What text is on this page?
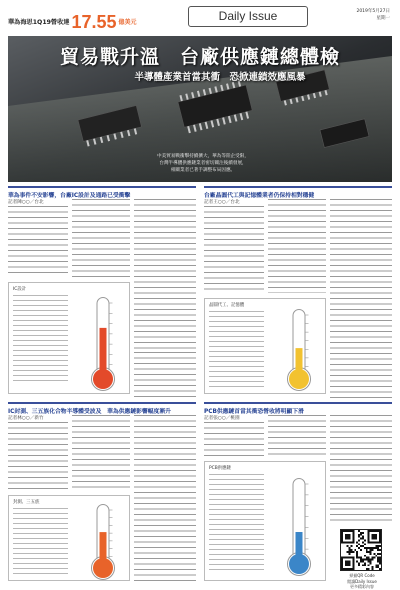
華為海思1Q19營收達 17.55 億美元	Daily Issue	2019年5月27日
星期一
貿易戰升溫　台廠供應鏈總體檢
半導體產業首當其衝　恐掀連鎖效應風暴
中美貿易戰衝擊持續擴大，華為等陸企受限，
台灣半導體供應鏈業者密切關注後續發展，
相關業者已著手調整布局因應。
華為事件不安影響，台廠IC設計及通路已受衝擊
記者陳○○／台北
IC設計
IC封測、三五族化合物半導體受波及　華為供應鏈影響幅度漸升
記者林○○／新竹
封測、三五族
台廠晶圓代工與記憶體業者仍保持相對穩健
記者王○○／台北
晶圓代工、記憶體
PCB供應鏈首當其衝恐營收將明顯下滑
記者張○○／桃園
PCB供應鏈
掃描QR Code
閱讀Daily Issue
更多精彩內容
